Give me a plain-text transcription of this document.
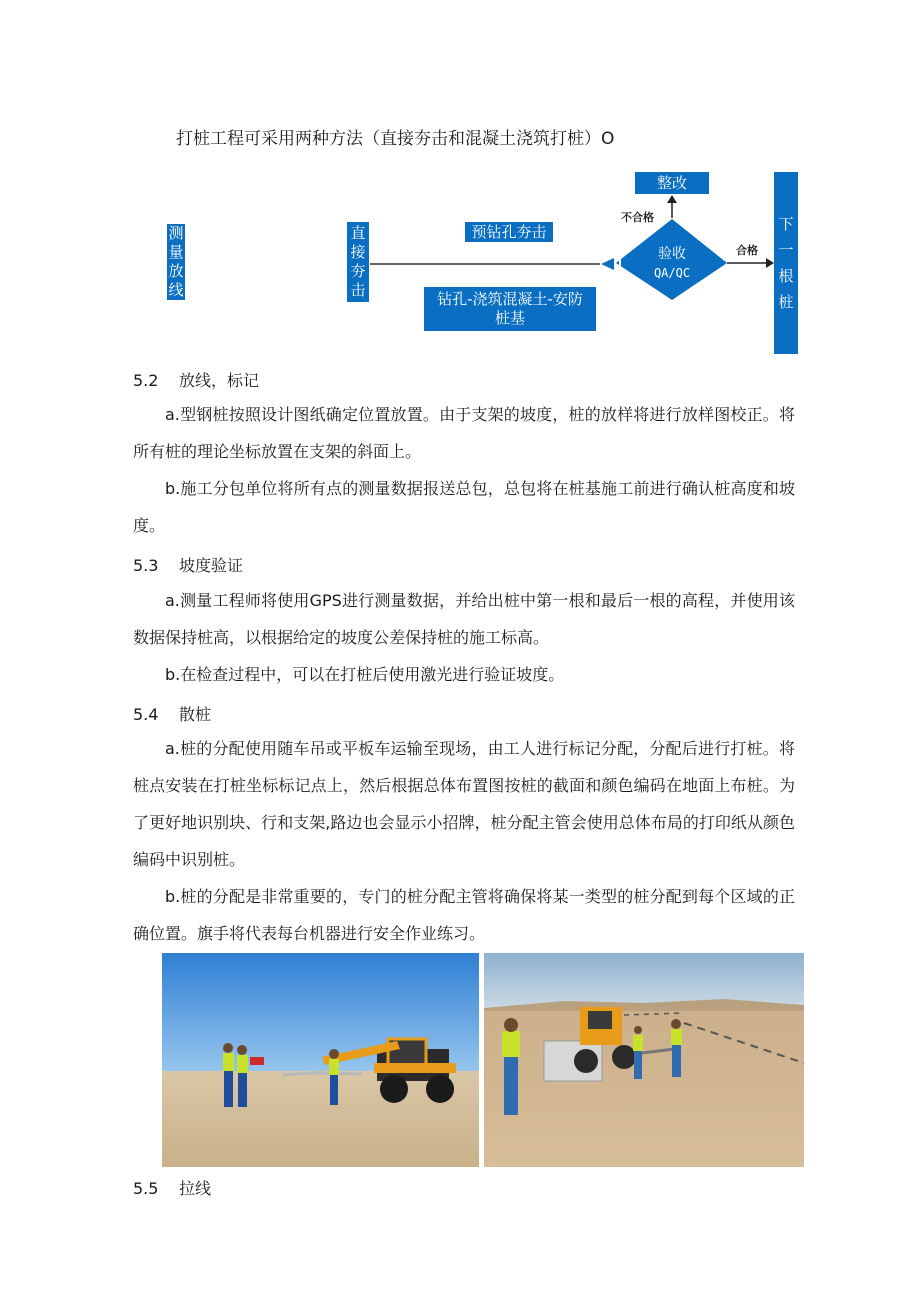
打桩工程可采用两种方法（直接夯击和混凝土浇筑打桩）O
测量放线
直接夯击
预钻孔夯击
钻孔-浇筑混凝土-安防桩基
整改
下一根桩
验收
QA/QC
不合格
合格
5.2 放线，标记

a.型钢桩按照设计图纸确定位置放置。由于支架的坡度，桩的放样将进行放样图校正。将所有桩的理论坐标放置在支架的斜面上。

b.施工分包单位将所有点的测量数据报送总包，总包将在桩基施工前进行确认桩高度和坡度。

5.3 坡度验证

a.测量工程师将使用GPS进行测量数据，并给出桩中第一根和最后一根的高程，并使用该数据保持桩高，以根据给定的坡度公差保持桩的施工标高。

b.在检查过程中，可以在打桩后使用激光进行验证坡度。

5.4 散桩

a.桩的分配使用随车吊或平板车运输至现场，由工人进行标记分配，分配后进行打桩。将桩点安装在打桩坐标标记点上，然后根据总体布置图按桩的截面和颜色编码在地面上布桩。为了更好地识别块、行和支架,路边也会显示小招牌，桩分配主管会使用总体布局的打印纸从颜色编码中识别桩。

b.桩的分配是非常重要的，专门的桩分配主管将确保将某一类型的桩分配到每个区域的正确位置。旗手将代表每台机器进行安全作业练习。

5.5 拉线
